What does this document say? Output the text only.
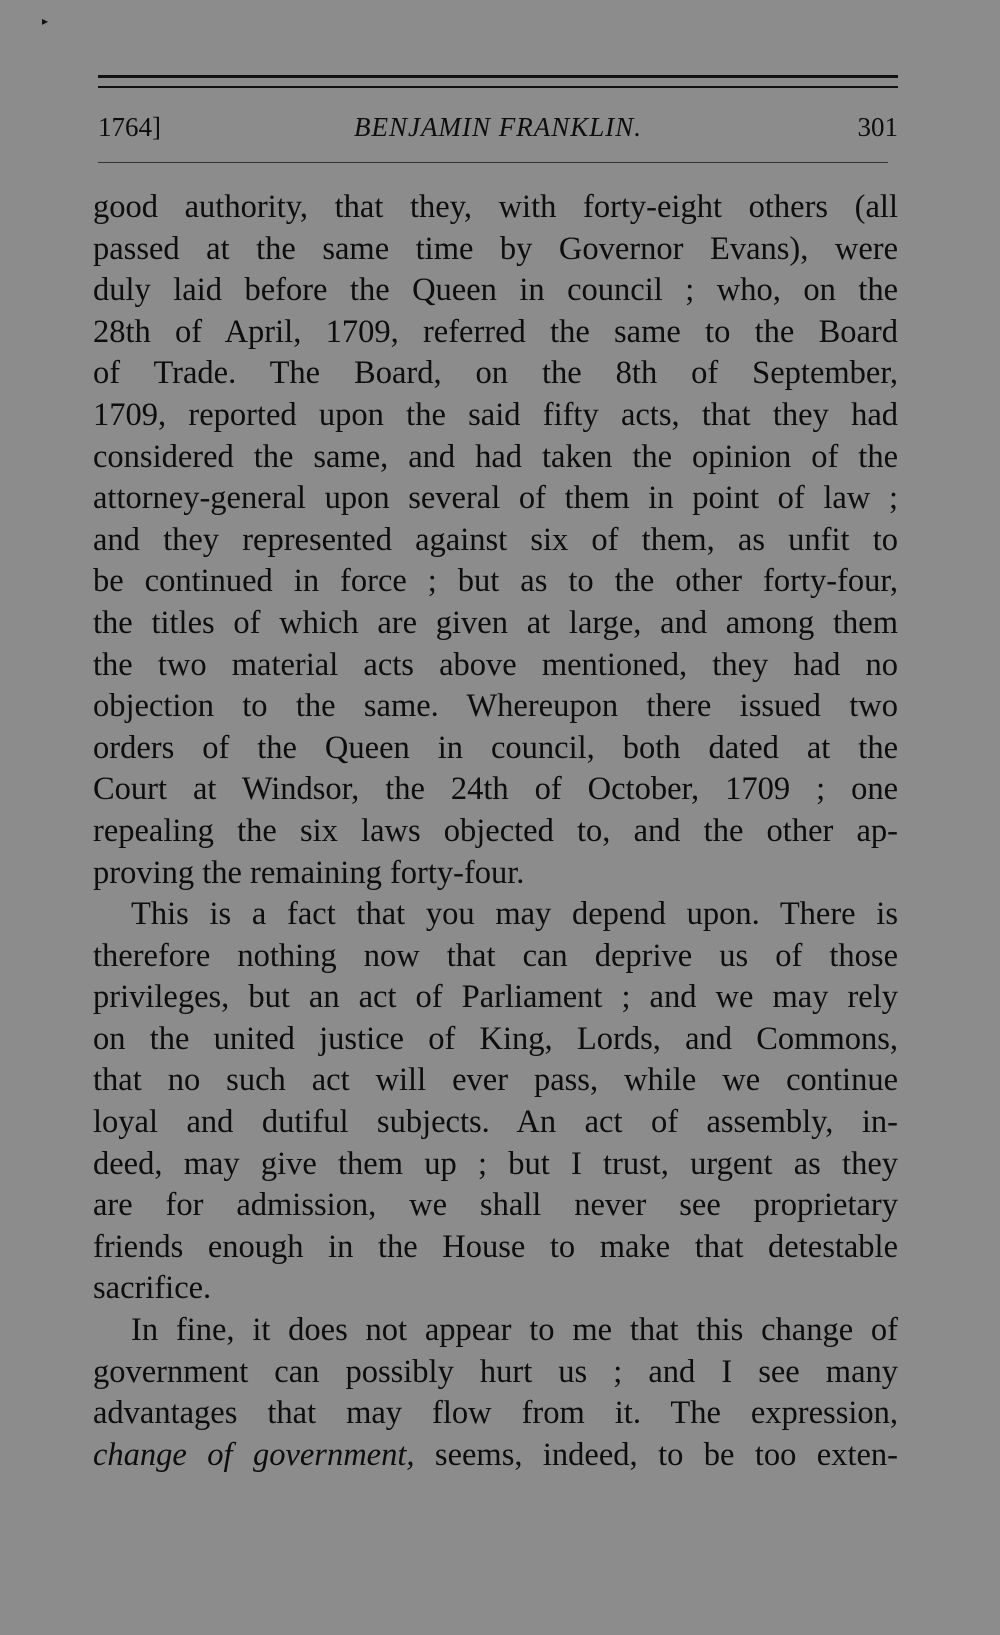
▸
1764]	BENJAMIN FRANKLIN.	301
good authority, that they, with forty-eight others (all
passed at the same time by Governor Evans), were
duly laid before the Queen in council ; who, on the
28th of April, 1709, referred the same to the Board
of Trade. The Board, on the 8th of September,
1709, reported upon the said fifty acts, that they had
considered the same, and had taken the opinion of the
attorney-general upon several of them in point of law ;
and they represented against six of them, as unfit to
be continued in force ; but as to the other forty-four,
the titles of which are given at large, and among them
the two material acts above mentioned, they had no
objection to the same. Whereupon there issued two
orders of the Queen in council, both dated at the
Court at Windsor, the 24th of October, 1709 ; one
repealing the six laws objected to, and the other ap-
proving the remaining forty-four.
This is a fact that you may depend upon. There is
therefore nothing now that can deprive us of those
privileges, but an act of Parliament ; and we may rely
on the united justice of King, Lords, and Commons,
that no such act will ever pass, while we continue
loyal and dutiful subjects. An act of assembly, in-
deed, may give them up ; but I trust, urgent as they
are for admission, we shall never see proprietary
friends enough in the House to make that detestable
sacrifice.
In fine, it does not appear to me that this change of
government can possibly hurt us ; and I see many
advantages that may flow from it. The expression,
change of government, seems, indeed, to be too exten-
